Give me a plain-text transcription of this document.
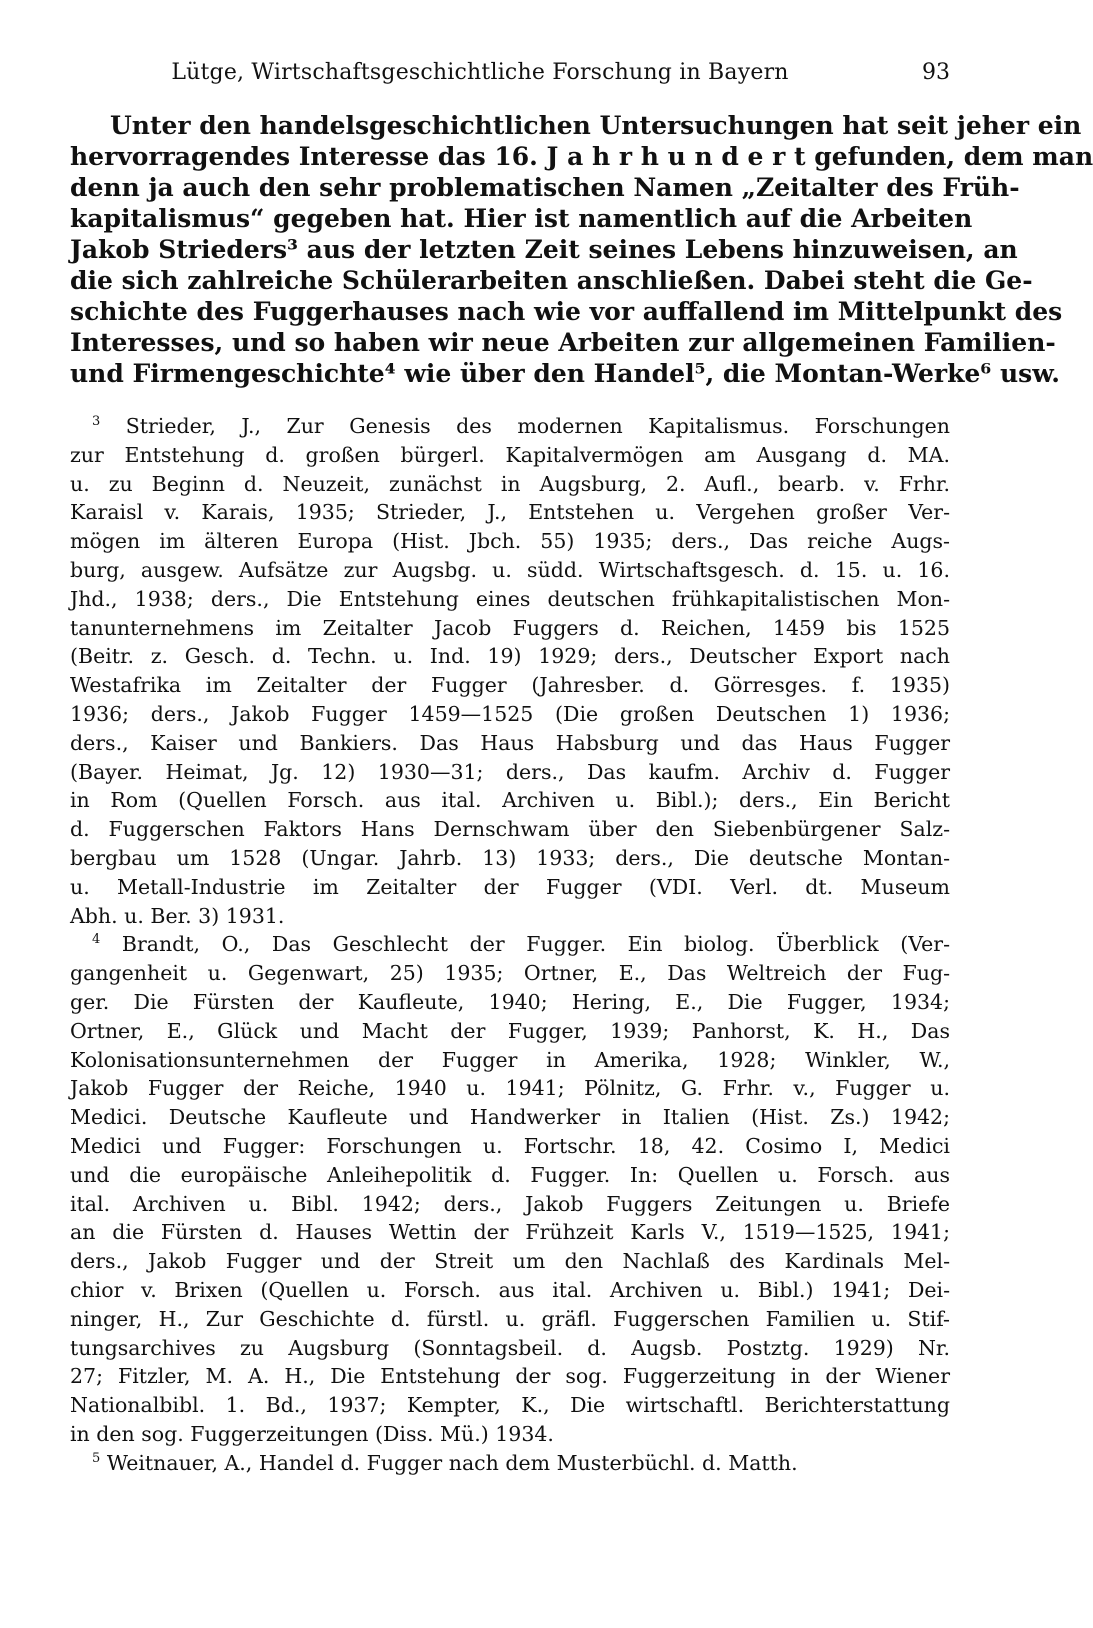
Lütge, Wirtschaftsgeschichtliche Forschung in Bayern	93
Unter den handelsgeschichtlichen Untersuchungen hat seit jeher ein
hervorragendes Interesse das 16. J a h r h u n d e r t gefunden, dem man
denn ja auch den sehr problematischen Namen „Zeitalter des Früh-
kapitalismus“ gegeben hat. Hier ist namentlich auf die Arbeiten
Jakob Strieders³ aus der letzten Zeit seines Lebens hinzuweisen, an
die sich zahlreiche Schülerarbeiten anschließen. Dabei steht die Ge-
schichte des Fuggerhauses nach wie vor auffallend im Mittelpunkt des
Interesses, und so haben wir neue Arbeiten zur allgemeinen Familien-
und Firmengeschichte⁴ wie über den Handel⁵, die Montan-Werke⁶ usw.
$^3$ Strieder, J., Zur Genesis des modernen Kapitalismus. Forschungen
zur Entstehung d. großen bürgerl. Kapitalvermögen am Ausgang d. MA.
u. zu Beginn d. Neuzeit, zunächst in Augsburg, 2. Aufl., bearb. v. Frhr.
Karaisl v. Karais, 1935; Strieder, J., Entstehen u. Vergehen großer Ver-
mögen im älteren Europa (Hist. Jbch. 55) 1935; ders., Das reiche Augs-
burg, ausgew. Aufsätze zur Augsbg. u. südd. Wirtschaftsgesch. d. 15. u. 16.
Jhd., 1938; ders., Die Entstehung eines deutschen frühkapitalistischen Mon-
tanunternehmens im Zeitalter Jacob Fuggers d. Reichen, 1459 bis 1525
(Beitr. z. Gesch. d. Techn. u. Ind. 19) 1929; ders., Deutscher Export nach
Westafrika im Zeitalter der Fugger (Jahresber. d. Görresges. f. 1935)
1936; ders., Jakob Fugger 1459—1525 (Die großen Deutschen 1) 1936;
ders., Kaiser und Bankiers. Das Haus Habsburg und das Haus Fugger
(Bayer. Heimat, Jg. 12) 1930—31; ders., Das kaufm. Archiv d. Fugger
in Rom (Quellen Forsch. aus ital. Archiven u. Bibl.); ders., Ein Bericht
d. Fuggerschen Faktors Hans Dernschwam über den Siebenbürgener Salz-
bergbau um 1528 (Ungar. Jahrb. 13) 1933; ders., Die deutsche Montan-
u. Metall-Industrie im Zeitalter der Fugger (VDI. Verl. dt. Museum
Abh. u. Ber. 3) 1931.
$^4$ Brandt, O., Das Geschlecht der Fugger. Ein biolog. Überblick (Ver-
gangenheit u. Gegenwart, 25) 1935; Ortner, E., Das Weltreich der Fug-
ger. Die Fürsten der Kaufleute, 1940; Hering, E., Die Fugger, 1934;
Ortner, E., Glück und Macht der Fugger, 1939; Panhorst, K. H., Das
Kolonisationsunternehmen der Fugger in Amerika, 1928; Winkler, W.,
Jakob Fugger der Reiche, 1940 u. 1941; Pölnitz, G. Frhr. v., Fugger u.
Medici. Deutsche Kaufleute und Handwerker in Italien (Hist. Zs.) 1942;
Medici und Fugger: Forschungen u. Fortschr. 18, 42. Cosimo I, Medici
und die europäische Anleihepolitik d. Fugger. In: Quellen u. Forsch. aus
ital. Archiven u. Bibl. 1942; ders., Jakob Fuggers Zeitungen u. Briefe
an die Fürsten d. Hauses Wettin der Frühzeit Karls V., 1519—1525, 1941;
ders., Jakob Fugger und der Streit um den Nachlaß des Kardinals Mel-
chior v. Brixen (Quellen u. Forsch. aus ital. Archiven u. Bibl.) 1941; Dei-
ninger, H., Zur Geschichte d. fürstl. u. gräfl. Fuggerschen Familien u. Stif-
tungsarchives zu Augsburg (Sonntagsbeil. d. Augsb. Postztg. 1929) Nr.
27; Fitzler, M. A. H., Die Entstehung der sog. Fuggerzeitung in der Wiener
Nationalbibl. 1. Bd., 1937; Kempter, K., Die wirtschaftl. Berichterstattung
in den sog. Fuggerzeitungen (Diss. Mü.) 1934.
$^5$ Weitnauer, A., Handel d. Fugger nach dem Musterbüchl. d. Matth.
